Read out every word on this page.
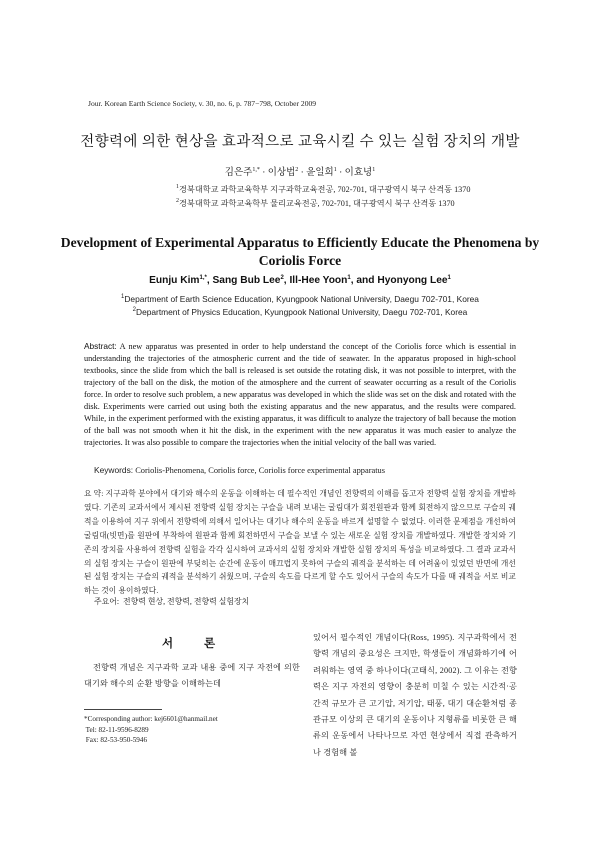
Jour. Korean Earth Science Society, v. 30, no. 6, p. 787−798, October 2009
전향력에 의한 현상을 효과적으로 교육시킬 수 있는 실험 장치의 개발
김은주$^{1,*}$ · 이상법$^2$ · 윤일희$^1$ · 이효녕$^1$
$^1$경북대학교 과학교육학부 지구과학교육전공, 702-701, 대구광역시 북구 산격동 1370
$^2$경북대학교 과학교육학부 물리교육전공, 702-701, 대구광역시 북구 산격동 1370
Development of Experimental Apparatus to Efficiently Educate the Phenomena by Coriolis Force
Eunju Kim$^{1,*}$, Sang Bub Lee$^2$, Ill-Hee Yoon$^1$, and Hyonyong Lee$^1$
$^1$Department of Earth Science Education, Kyungpook National University, Daegu 702-701, Korea
$^2$Department of Physics Education, Kyungpook National University, Daegu 702-701, Korea
Abstract: A new apparatus was presented in order to help understand the concept of the Coriolis force which is essential in understanding the trajectories of the atmospheric current and the tide of seawater. In the apparatus proposed in high-school textbooks, since the slide from which the ball is released is set outside the rotating disk, it was not possible to interpret, with the trajectory of the ball on the disk, the motion of the atmosphere and the current of seawater occurring as a result of the Coriolis force. In order to resolve such problem, a new apparatus was developed in which the slide was set on the disk and rotated with the disk. Experiments were carried out using both the existing apparatus and the new apparatus, and the results were compared. While, in the experiment performed with the existing apparatus, it was difficult to analyze the trajectory of ball because the motion of the ball was not smooth when it hit the disk, in the experiment with the new apparatus it was much easier to analyze the trajectories. It was also possible to compare the trajectories when the initial velocity of the ball was varied.
Keywords: Coriolis-Phenomena, Coriolis force, Coriolis force experimental apparatus
요 약: 지구과학 분야에서 대기와 해수의 운동을 이해하는 데 필수적인 개념인 전향력의 이해를 돕고자 전향력 실험 장치를 개발하였다. 기존의 교과서에서 제시된 전향력 실험 장치는 구슬을 내려 보내는 굴림대가 회전원판과 함께 회전하지 않으므로 구슬의 궤적을 이용하여 지구 위에서 전향력에 의해서 일어나는 대기나 해수의 운동을 바르게 설명할 수 없었다. 이러한 문제점을 개선하여 굴림대(빗면)를 원판에 부착하여 원판과 함께 회전하면서 구슬을 보낼 수 있는 새로운 실험 장치를 개발하였다. 개발한 장치와 기존의 장치를 사용하여 전향력 실험을 각각 실시하여 교과서의 실험 장치와 개발한 실험 장치의 특성을 비교하였다. 그 결과 교과서의 실험 장치는 구슬이 원판에 부딪히는 순간에 운동이 매끄럽지 못하여 구슬의 궤적을 분석하는 데 어려움이 있었던 반면에 개선된 실험 장치는 구슬의 궤적을 분석하기 쉬웠으며, 구슬의 속도를 다르게 할 수도 있어서 구슬의 속도가 다를 때 궤적을 서로 비교하는 것이 용이하였다.
주요어: 전향력 현상, 전향력, 전향력 실험장치
서 론
전향력 개념은 지구과학 교과 내용 중에 지구 자전에 의한 대기와 해수의 순환 방향을 이해하는데
있어서 필수적인 개념이다(Ross, 1995). 지구과학에서 전향력 개념의 중요성은 크지만, 학생들이 개념화하기에 어려워하는 영역 중 하나이다(고태식, 2002). 그 이유는 전향력은 지구 자전의 영향이 충분히 미칠 수 있는 시간적·공간적 규모가 큰 고기압, 저기압, 태풍, 대기 대순환처럼 종관규모 이상의 큰 대기의 운동이나 지형류를 비롯한 큰 해류의 운동에서 나타나므로 자연 현상에서 직접 관측하거나 경험해 볼
*Corresponding author: kej6601@hanmail.net
Tel: 82-11-9596-8289
Fax: 82-53-950-5946
